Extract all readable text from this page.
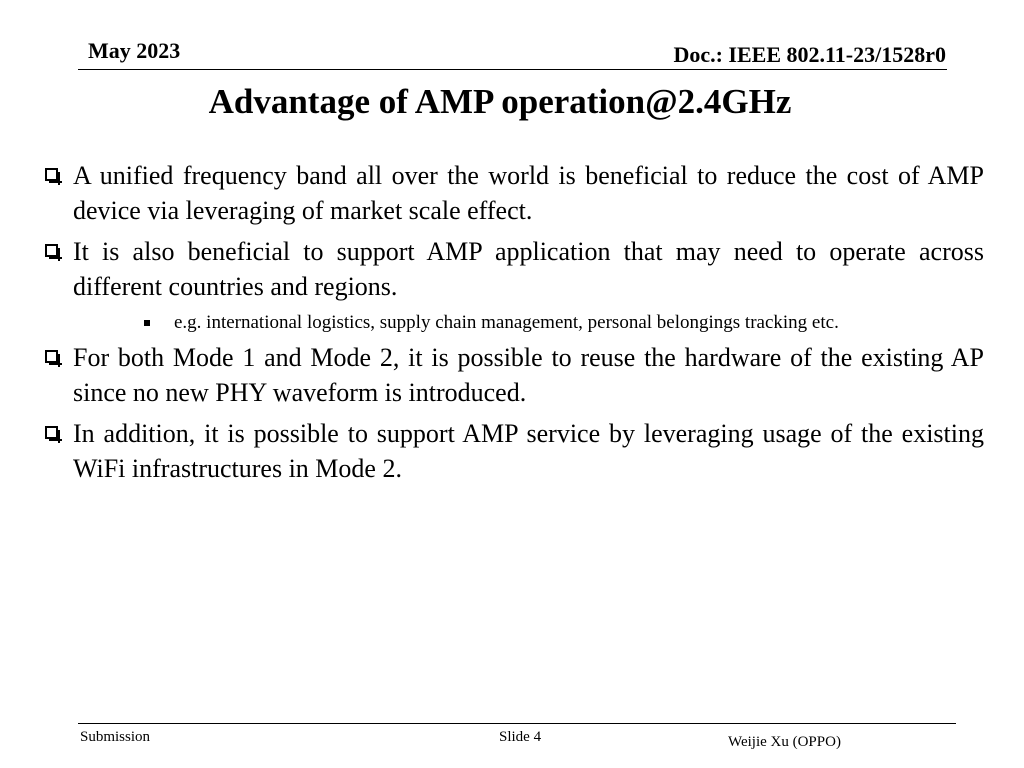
May 2023	Doc.: IEEE 802.11-23/1528r0
Advantage of AMP operation@2.4GHz
A unified frequency band all over the world is beneficial to reduce the cost of AMP device via leveraging of market scale effect.
It is also beneficial to support AMP application that may need to operate across different countries and regions.
e.g. international logistics, supply chain management, personal belongings tracking etc.
For both Mode 1 and Mode 2, it is possible to reuse the hardware of the existing AP since no new PHY waveform is introduced.
In addition, it is possible to support AMP service by leveraging usage of the existing WiFi infrastructures in Mode 2.
Submission	Slide 4	Weijie Xu (OPPO)
